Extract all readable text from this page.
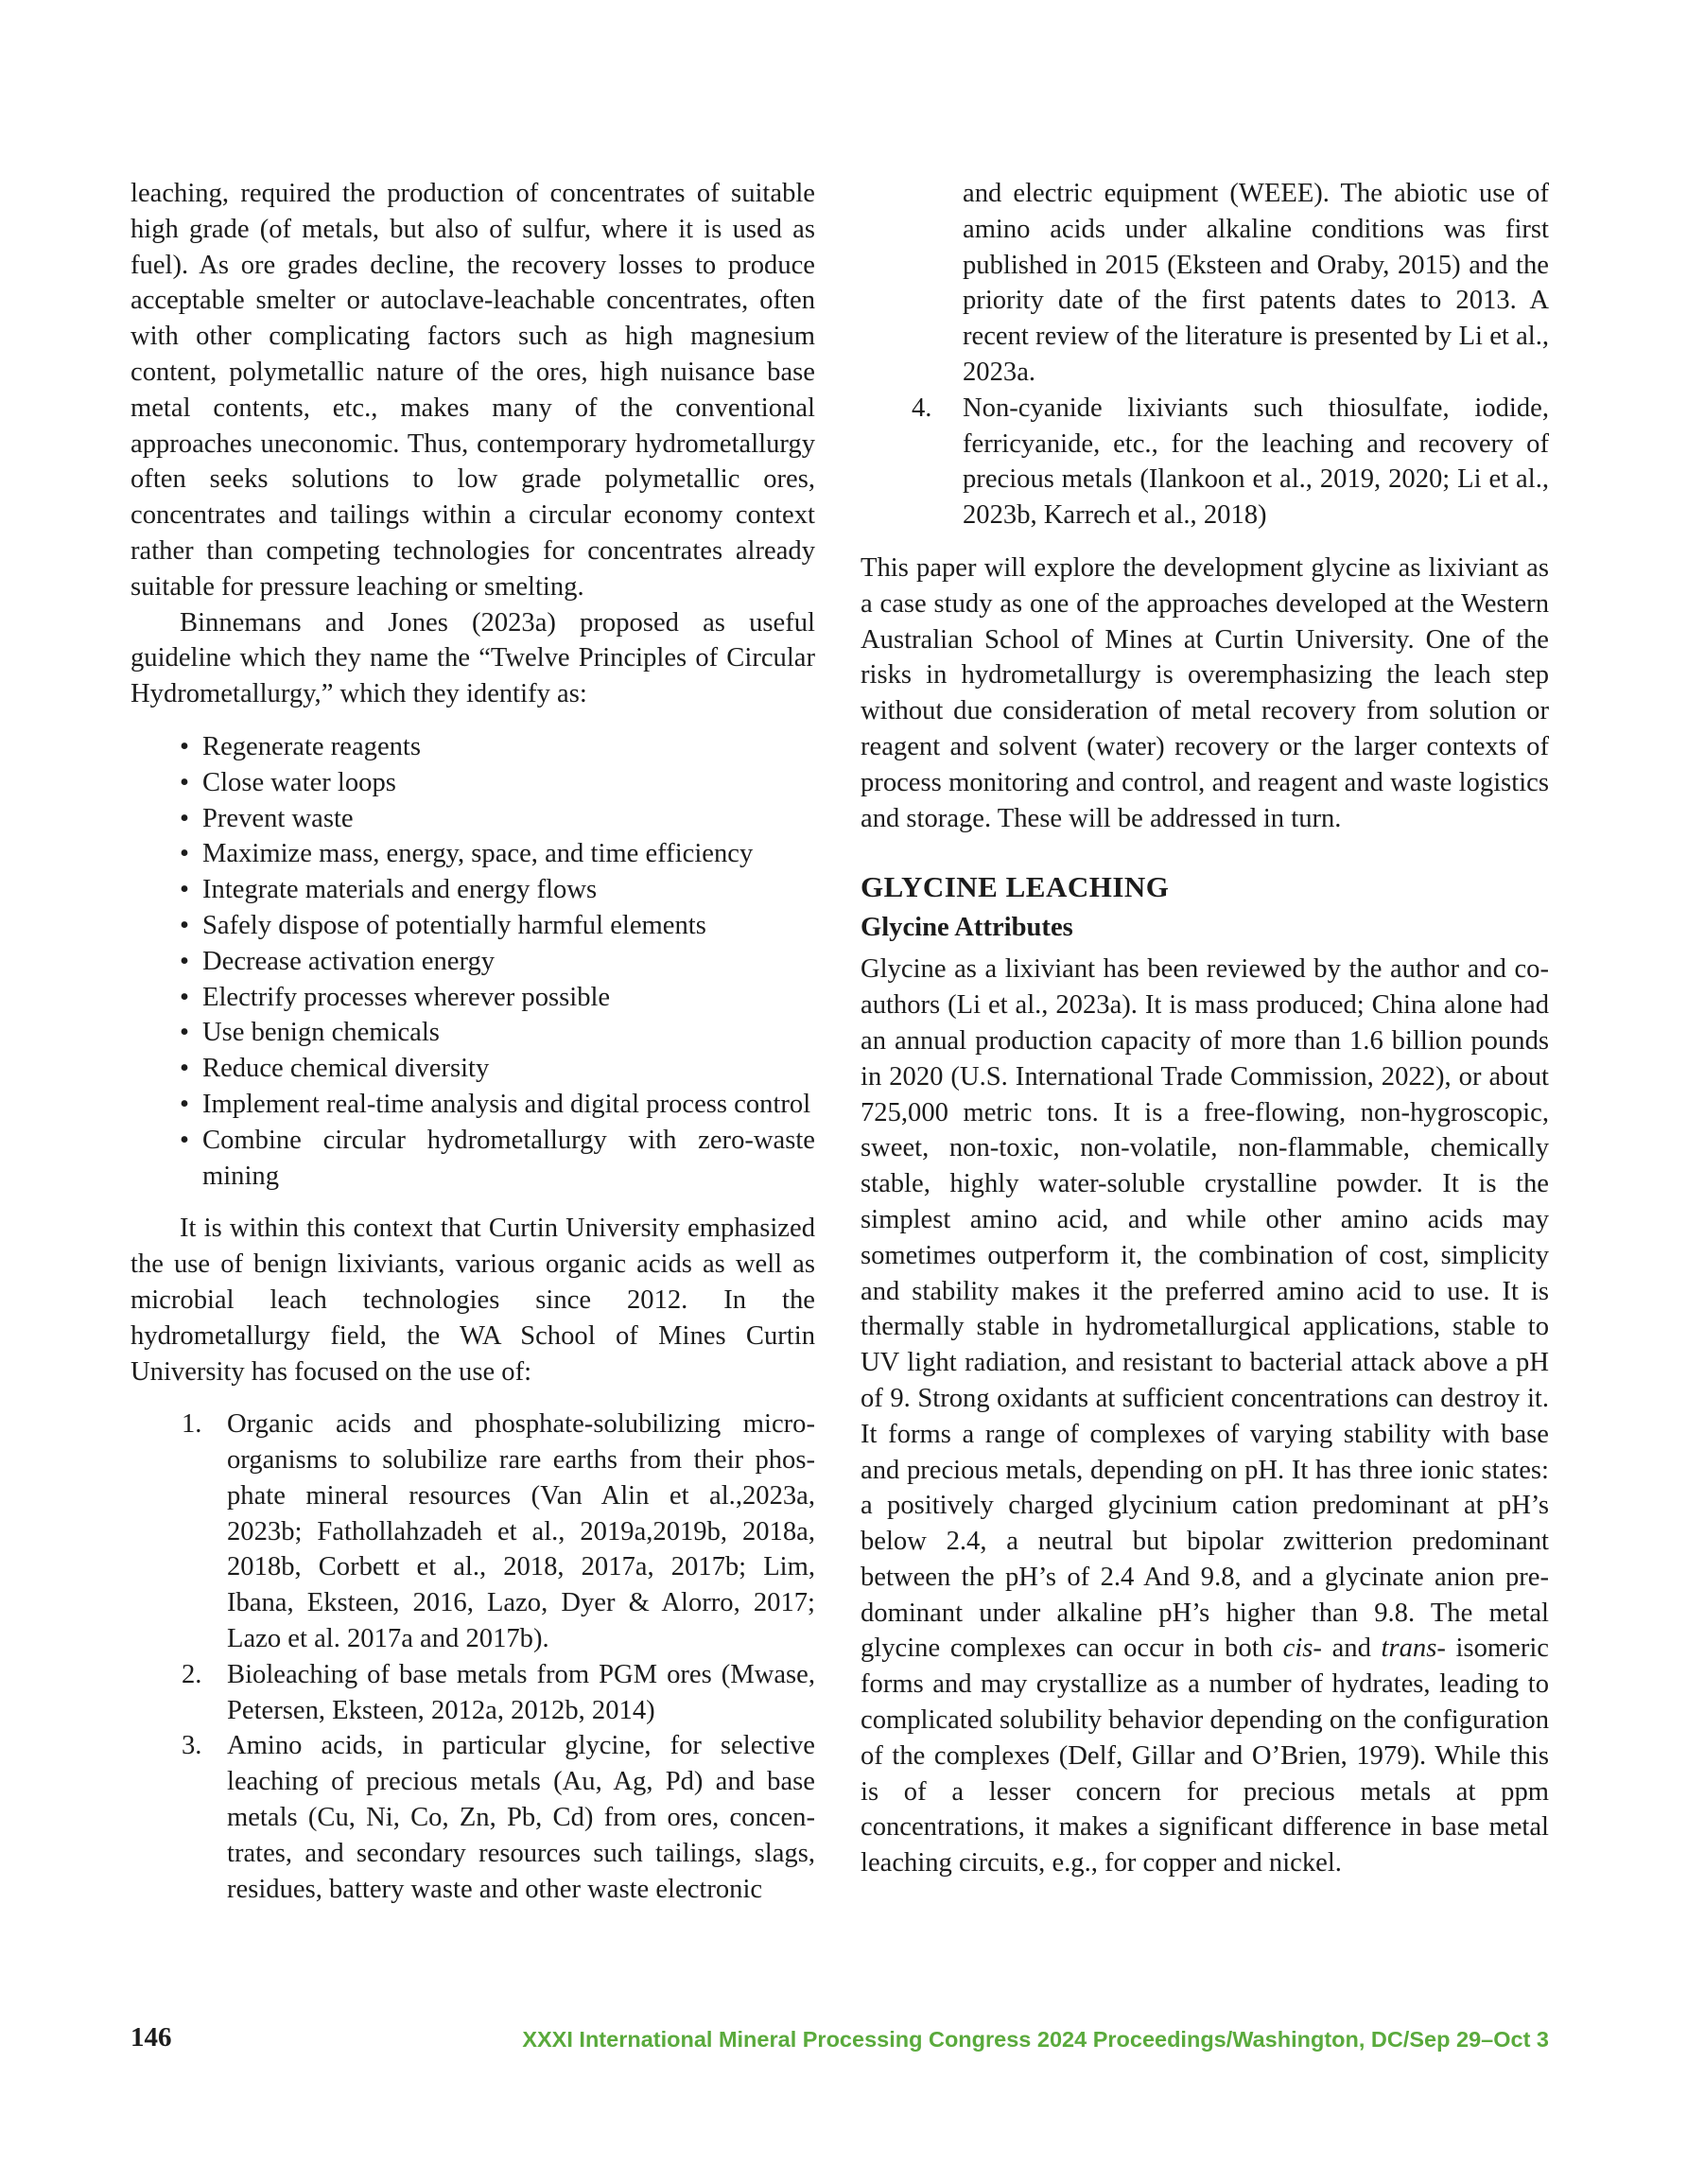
leaching, required the production of concentrates of suitable high grade (of metals, but also of sulfur, where it is used as fuel). As ore grades decline, the recovery losses to produce acceptable smelter or autoclave-leachable concentrates, often with other complicating factors such as high magnesium content, polymetallic nature of the ores, high nuisance base metal contents, etc., makes many of the conventional approaches uneconomic. Thus, contemporary hydrometallurgy often seeks solutions to low grade polymetallic ores, concentrates and tailings within a circular economy context rather than competing technologies for concentrates already suitable for pressure leaching or smelting.

Binnemans and Jones (2023a) proposed as useful guideline which they name the “Twelve Principles of Circular Hydrometallurgy,” which they identify as:

• Regenerate reagents
• Close water loops
• Prevent waste
• Maximize mass, energy, space, and time efficiency
• Integrate materials and energy flows
• Safely dispose of potentially harmful elements
• Decrease activation energy
• Electrify processes wherever possible
• Use benign chemicals
• Reduce chemical diversity
• Implement real-time analysis and digital process control
• Combine circular hydrometallurgy with zero-waste mining

It is within this context that Curtin University emphasized the use of benign lixiviants, various organic acids as well as microbial leach technologies since 2012. In the hydrometallurgy field, the WA School of Mines Curtin University has focused on the use of:

1. Organic acids and phosphate-solubilizing microorganisms to solubilize rare earths from their phosphate mineral resources (Van Alin et al.,2023a, 2023b; Fathollahzadeh et al., 2019a,2019b, 2018a, 2018b, Corbett et al., 2018, 2017a, 2017b; Lim, Ibana, Eksteen, 2016, Lazo, Dyer & Alorro, 2017; Lazo et al. 2017a and 2017b).
2. Bioleaching of base metals from PGM ores (Mwase, Petersen, Eksteen, 2012a, 2012b, 2014)
3. Amino acids, in particular glycine, for selective leaching of precious metals (Au, Ag, Pd) and base metals (Cu, Ni, Co, Zn, Pb, Cd) from ores, concentrates, and secondary resources such tailings, slags, residues, battery waste and other waste electronic

and electric equipment (WEEE). The abiotic use of amino acids under alkaline conditions was first published in 2015 (Eksteen and Oraby, 2015) and the priority date of the first patents dates to 2013. A recent review of the literature is presented by Li et al., 2023a.

4. Non-cyanide lixiviants such thiosulfate, iodide, ferricyanide, etc., for the leaching and recovery of precious metals (Ilankoon et al., 2019, 2020; Li et al., 2023b, Karrech et al., 2018)

This paper will explore the development glycine as lixiviant as a case study as one of the approaches developed at the Western Australian School of Mines at Curtin University. One of the risks in hydrometallurgy is overemphasizing the leach step without due consideration of metal recovery from solution or reagent and solvent (water) recovery or the larger contexts of process monitoring and control, and reagent and waste logistics and storage. These will be addressed in turn.

GLYCINE LEACHING
Glycine Attributes

Glycine as a lixiviant has been reviewed by the author and co-authors (Li et al., 2023a). It is mass produced; China alone had an annual production capacity of more than 1.6 billion pounds in 2020 (U.S. International Trade Commission, 2022), or about 725,000 metric tons. It is a free-flowing, non-hygroscopic, sweet, non-toxic, non-volatile, non-flammable, chemically stable, highly water-soluble crystalline powder. It is the simplest amino acid, and while other amino acids may sometimes outperform it, the combination of cost, simplicity and stability makes it the preferred amino acid to use. It is thermally stable in hydrometallurgical applications, stable to UV light radiation, and resistant to bacterial attack above a pH of 9. Strong oxidants at sufficient concentrations can destroy it. It forms a range of complexes of varying stability with base and precious metals, depending on pH. It has three ionic states: a positively charged glycinium cation predominant at pH’s below 2.4, a neutral but bipolar zwitterion predominant between the pH’s of 2.4 And 9.8, and a glycinate anion predominant under alkaline pH’s higher than 9.8. The metal glycine complexes can occur in both cis- and trans- isomeric forms and may crystallize as a number of hydrates, leading to complicated solubility behavior depending on the configuration of the complexes (Delf, Gillar and O’Brien, 1979). While this is of a lesser concern for precious metals at ppm concentrations, it makes a significant difference in base metal leaching circuits, e.g., for copper and nickel.

146	XXXI International Mineral Processing Congress 2024 Proceedings/Washington, DC/Sep 29–Oct 3
